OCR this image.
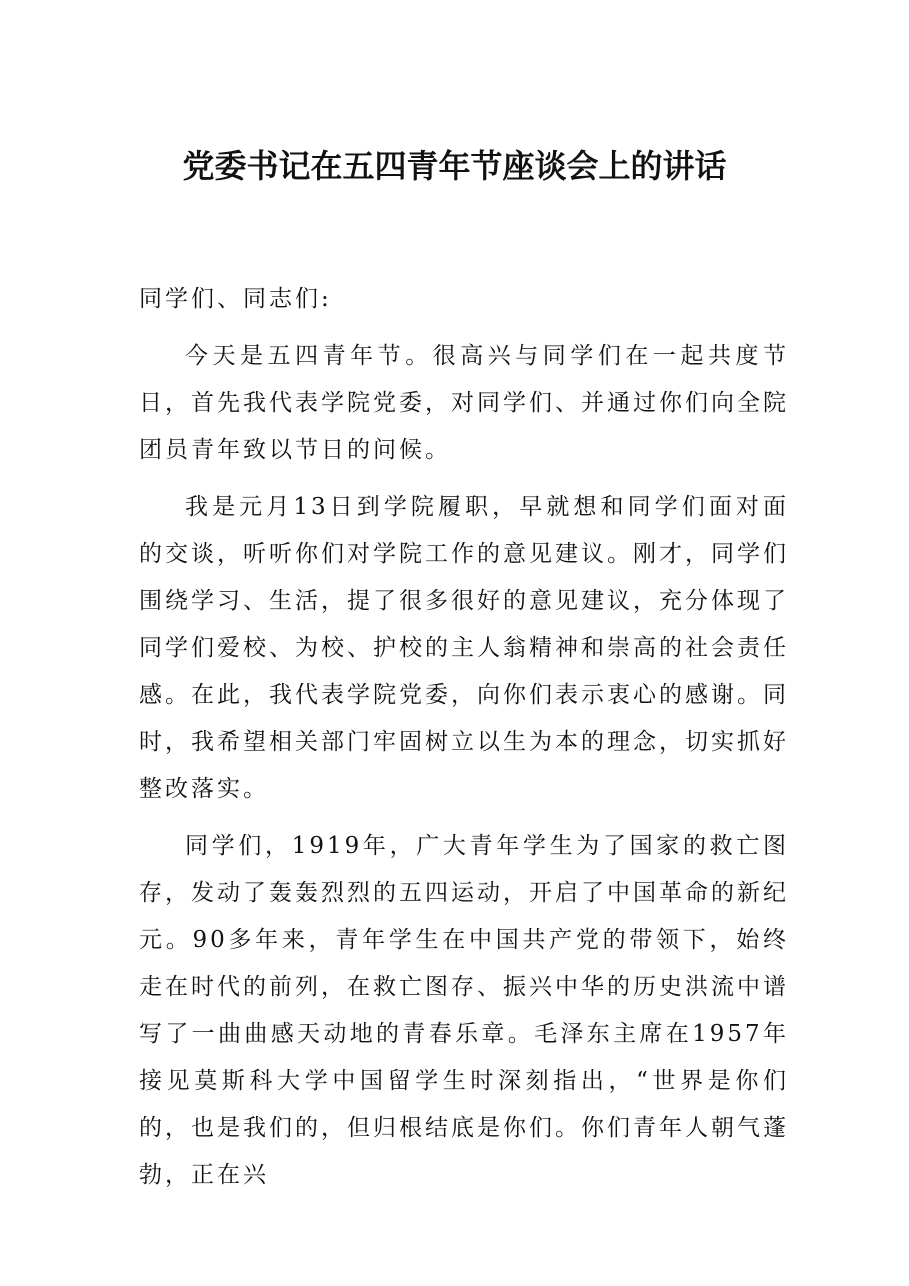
党委书记在五四青年节座谈会上的讲话

同学们、同志们:

今天是五四青年节。很高兴与同学们在一起共度节日，首先我代表学院党委，对同学们、并通过你们向全院团员青年致以节日的问候。

我是元月13日到学院履职，早就想和同学们面对面的交谈，听听你们对学院工作的意见建议。刚才，同学们围绕学习、生活，提了很多很好的意见建议，充分体现了同学们爱校、为校、护校的主人翁精神和崇高的社会责任感。在此，我代表学院党委，向你们表示衷心的感谢。同时，我希望相关部门牢固树立以生为本的理念，切实抓好整改落实。

同学们，1919年，广大青年学生为了国家的救亡图存，发动了轰轰烈烈的五四运动，开启了中国革命的新纪元。90多年来，青年学生在中国共产党的带领下，始终走在时代的前列，在救亡图存、振兴中华的历史洪流中谱写了一曲曲感天动地的青春乐章。毛泽东主席在1957年接见莫斯科大学中国留学生时深刻指出，“世界是你们的，也是我们的，但归根结底是你们。你们青年人朝气蓬勃，正在兴
